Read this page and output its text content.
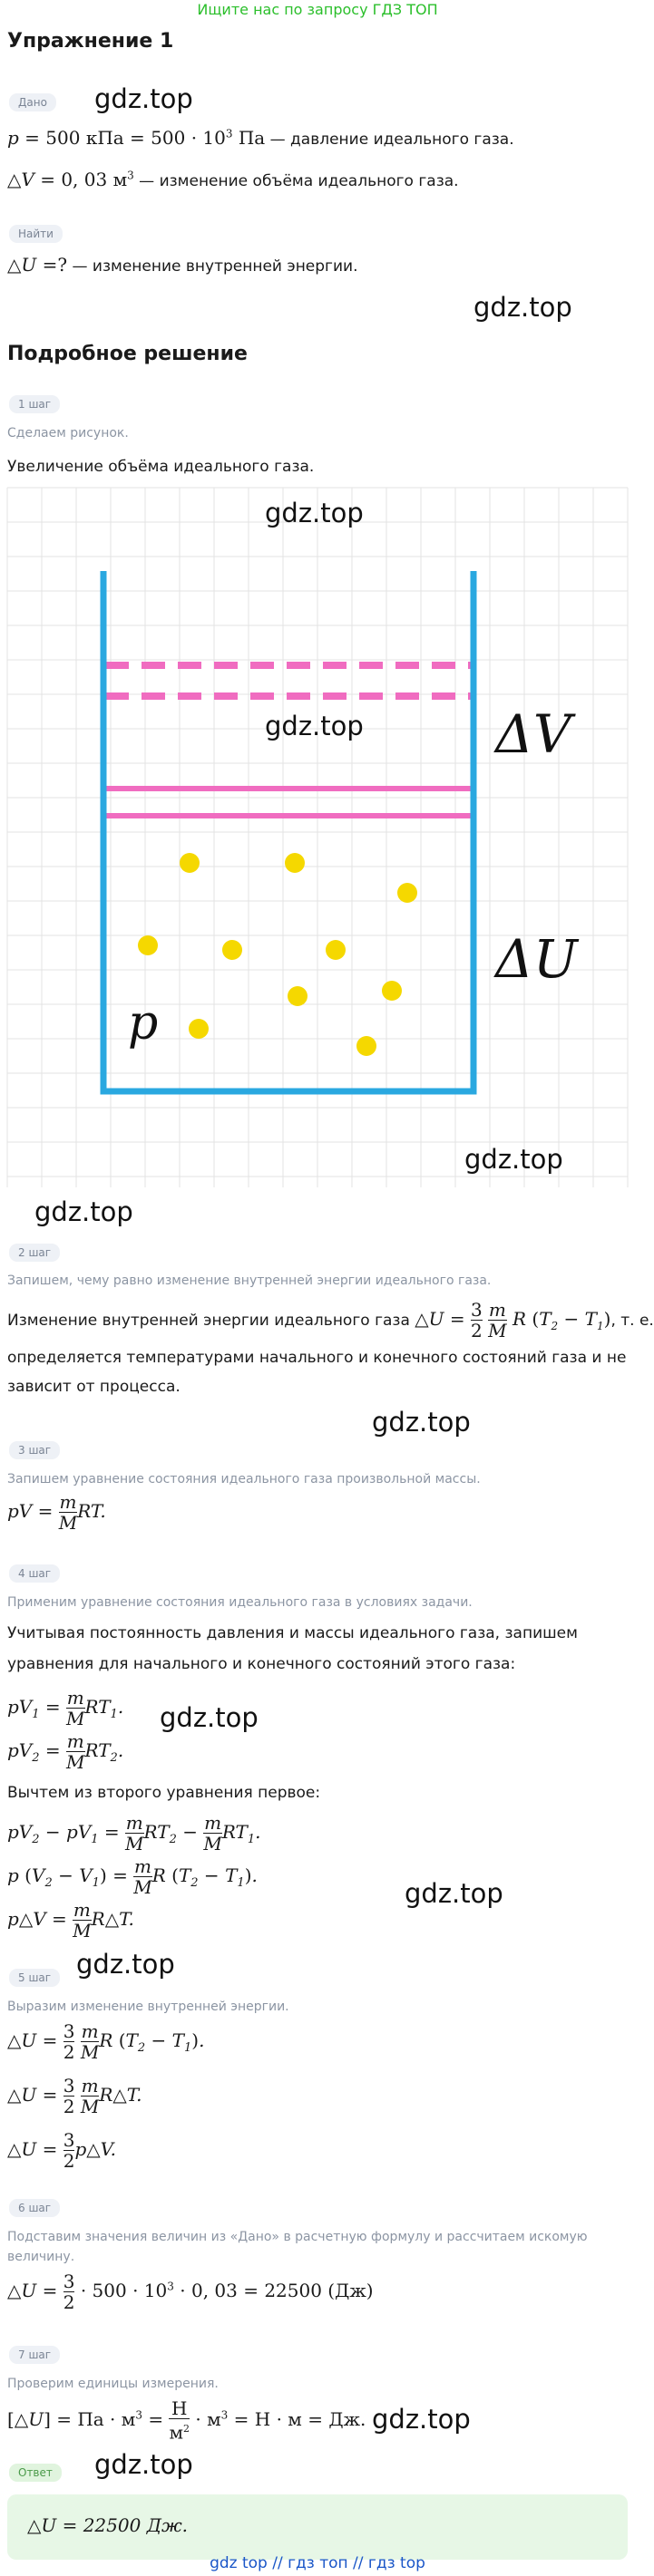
Ищите нас по запросу ГДЗ ТОП
Упражнение 1
Дано	gdz.top
p = 500 кПа = $500 \cdot 10^3$ Па — давление идеального газа.
△V = 0, 03 $м^3$ — изменение объёма идеального газа.
Найти
△U =? — изменение внутренней энергии.
gdz.top
Подробное решение
1 шаг
Сделаем рисунок.
Увеличение объёма идеального газа.
ΔV
ΔU
p
gdz.top
gdz.top
gdz.top
gdz.top
2 шаг
Запишем, чему равно изменение внутренней энергии идеального газа.
Изменение внутренней энергии идеального газа △U = $\frac{3}{2}$
$\frac{m}{M}$ R $(T_2 - T_1)$, т. е.
определяется температурами начального и конечного состояний газа и не
зависит от процесса.
gdz.top
3 шаг
Запишем уравнение состояния идеального газа произвольной массы.
pV = $\frac{m}{M}$ RT.
4 шаг
Применим уравнение состояния идеального газа в условиях задачи.
Учитывая постоянность давления и массы идеального газа, запишем
уравнения для начального и конечного состояний этого газа:
$pV_1 = \frac{m}{M} RT_1$.
$pV_2 = \frac{m}{M} RT_2$.
gdz.top
Вычтем из второго уравнения первое:
$pV_2 - pV_1 = \frac{m}{M} RT_2 - \frac{m}{M} RT_1$.
p $(V_2 - V_1) = \frac{m}{M}$ R $(T_2 - T_1)$.
p△V = $\frac{m}{M}$ R△T.
gdz.top
5 шаг gdz.top
Выразим изменение внутренней энергии.
△U = $\frac{3}{2}$
$\frac{m}{M}$ R $(T_2 - T_1)$.
△U = $\frac{3}{2}$
$\frac{m}{M}$ R△T.
△U = $\frac{3}{2}$ p△V.
6 шаг
Подставим значения величин из «Дано» в расчетную формулу и рассчитаем искомую
величину.
△U = $\frac{3}{2} \cdot 500 \cdot 10^3 \cdot 0$, 03 = 22500 (Дж)
7 шаг
Проверим единицы измерения.
[△U] = Па · $м^3 = \frac{Н}{м^2} \cdot м^3 = Н \cdot м$ = Дж. gdz.top
Ответ	gdz.top
△U = 22500 Дж.
gdz top // гдз топ // гдз top
